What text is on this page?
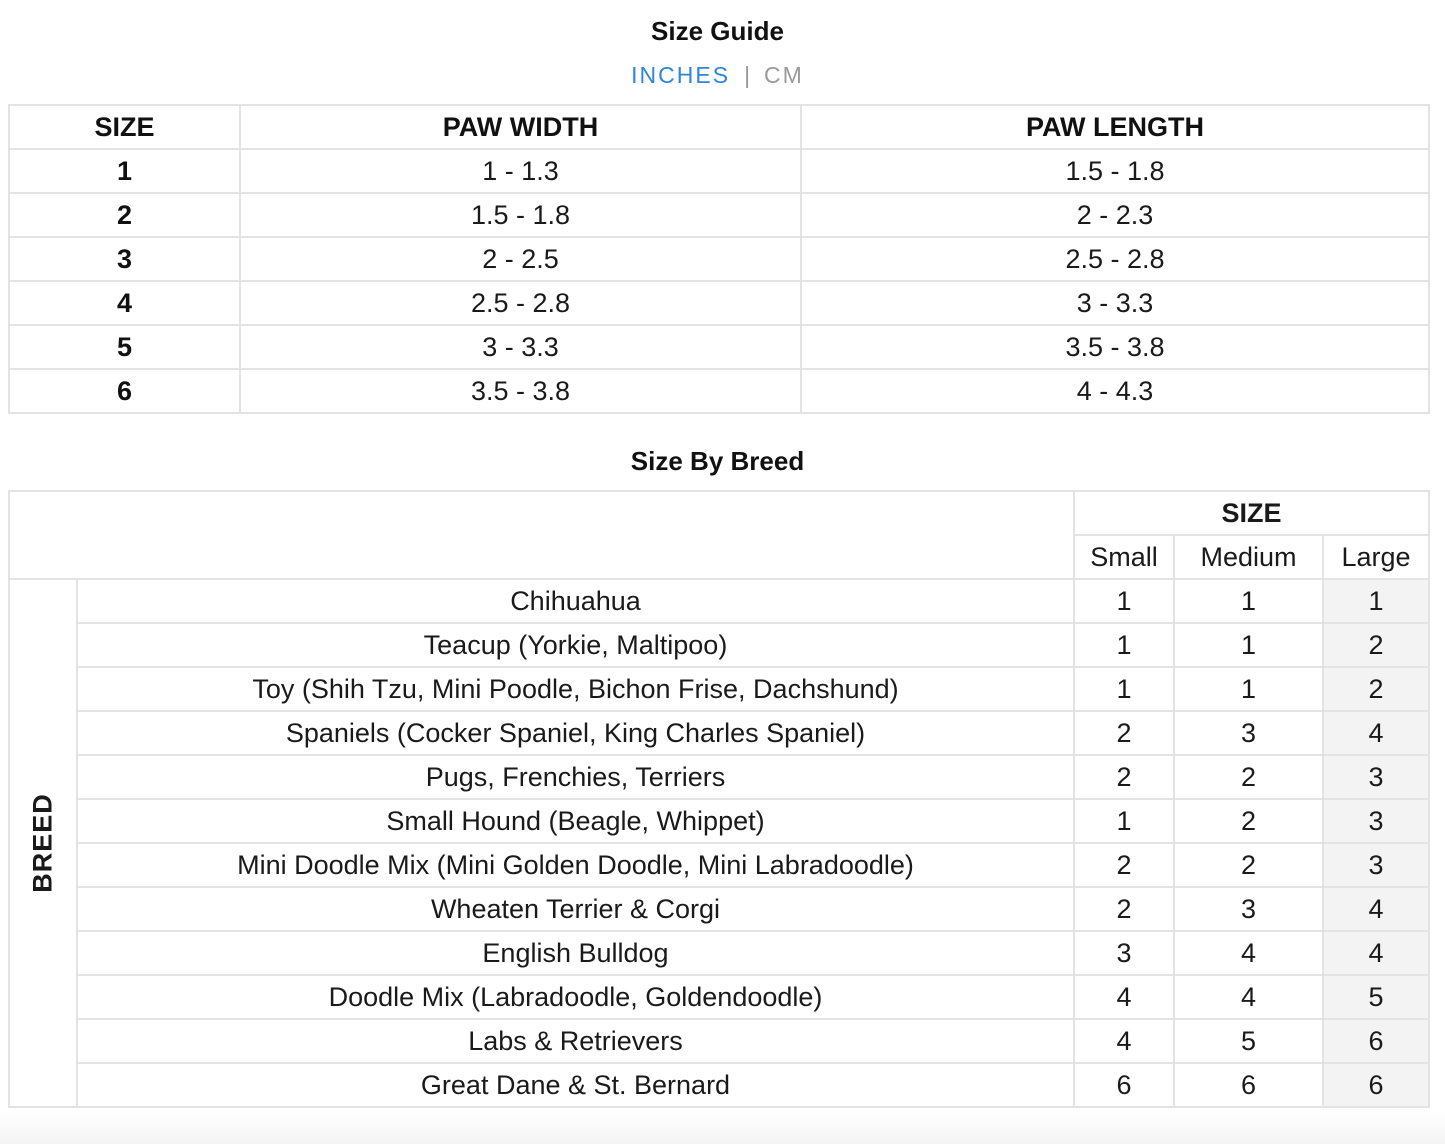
Size Guide
INCHES | CM
SIZE	PAW WIDTH	PAW LENGTH
1	1 - 1.3	1.5 - 1.8
2	1.5 - 1.8	2 - 2.3
3	2 - 2.5	2.5 - 2.8
4	2.5 - 2.8	3 - 3.3
5	3 - 3.3	3.5 - 3.8
6	3.5 - 3.8	4 - 4.3
Size By Breed
		SIZE		
		Small	Medium	Large

BREED	Chihuahua	1	1	1
	Teacup (Yorkie, Maltipoo)	1	1	2
	Toy (Shih Tzu, Mini Poodle, Bichon Frise, Dachshund)	1	1	2
	Spaniels (Cocker Spaniel, King Charles Spaniel)	2	3	4
	Pugs, Frenchies, Terriers	2	2	3
	Small Hound (Beagle, Whippet)	1	2	3
	Mini Doodle Mix (Mini Golden Doodle, Mini Labradoodle)	2	2	3
	Wheaten Terrier & Corgi	2	3	4
	English Bulldog	3	4	4
	Doodle Mix (Labradoodle, Goldendoodle)	4	4	5
	Labs & Retrievers	4	5	6
	Great Dane & St. Bernard	6	6	6
